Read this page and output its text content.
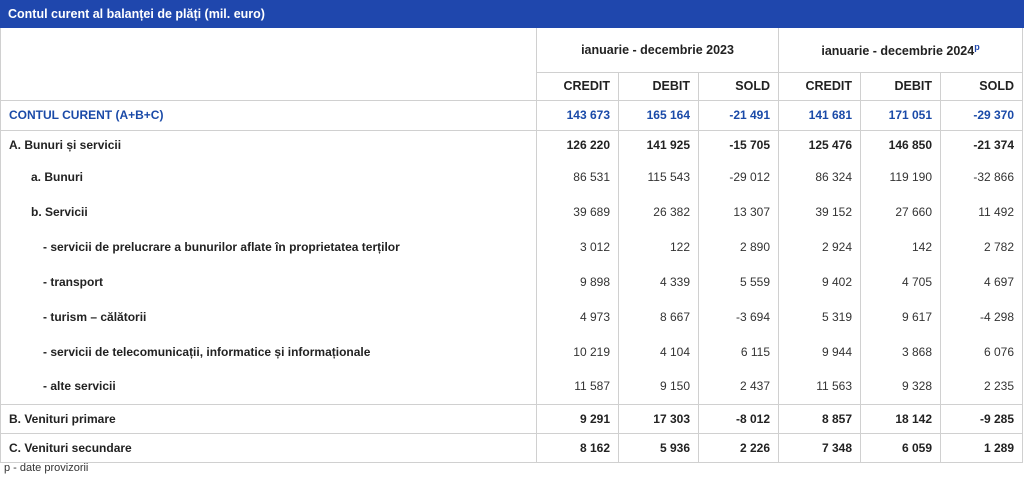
Contul curent al balanței de plăți (mil. euro)
	ianuarie - decembrie 2023			ianuarie - decembrie 2024$^p$
	CREDIT	DEBIT	SOLD	CREDIT	DEBIT	SOLD
CONTUL CURENT (A+B+C)	143 673	165 164	-21 491	141 681	171 051	-29 370
A. Bunuri și servicii	126 220	141 925	-15 705	125 476	146 850	-21 374
a. Bunuri	86 531	115 543	-29 012	86 324	119 190	-32 866
b. Servicii	39 689	26 382	13 307	39 152	27 660	11 492
- servicii de prelucrare a bunurilor aflate în proprietatea terților	3 012	122	2 890	2 924	142	2 782
- transport	9 898	4 339	5 559	9 402	4 705	4 697
- turism – călătorii	4 973	8 667	-3 694	5 319	9 617	-4 298
- servicii de telecomunicații, informatice și informaționale	10 219	4 104	6 115	9 944	3 868	6 076
- alte servicii	11 587	9 150	2 437	11 563	9 328	2 235
B. Venituri primare	9 291	17 303	-8 012	8 857	18 142	-9 285
C. Venituri secundare	8 162	5 936	2 226	7 348	6 059	1 289
p - date provizorii
